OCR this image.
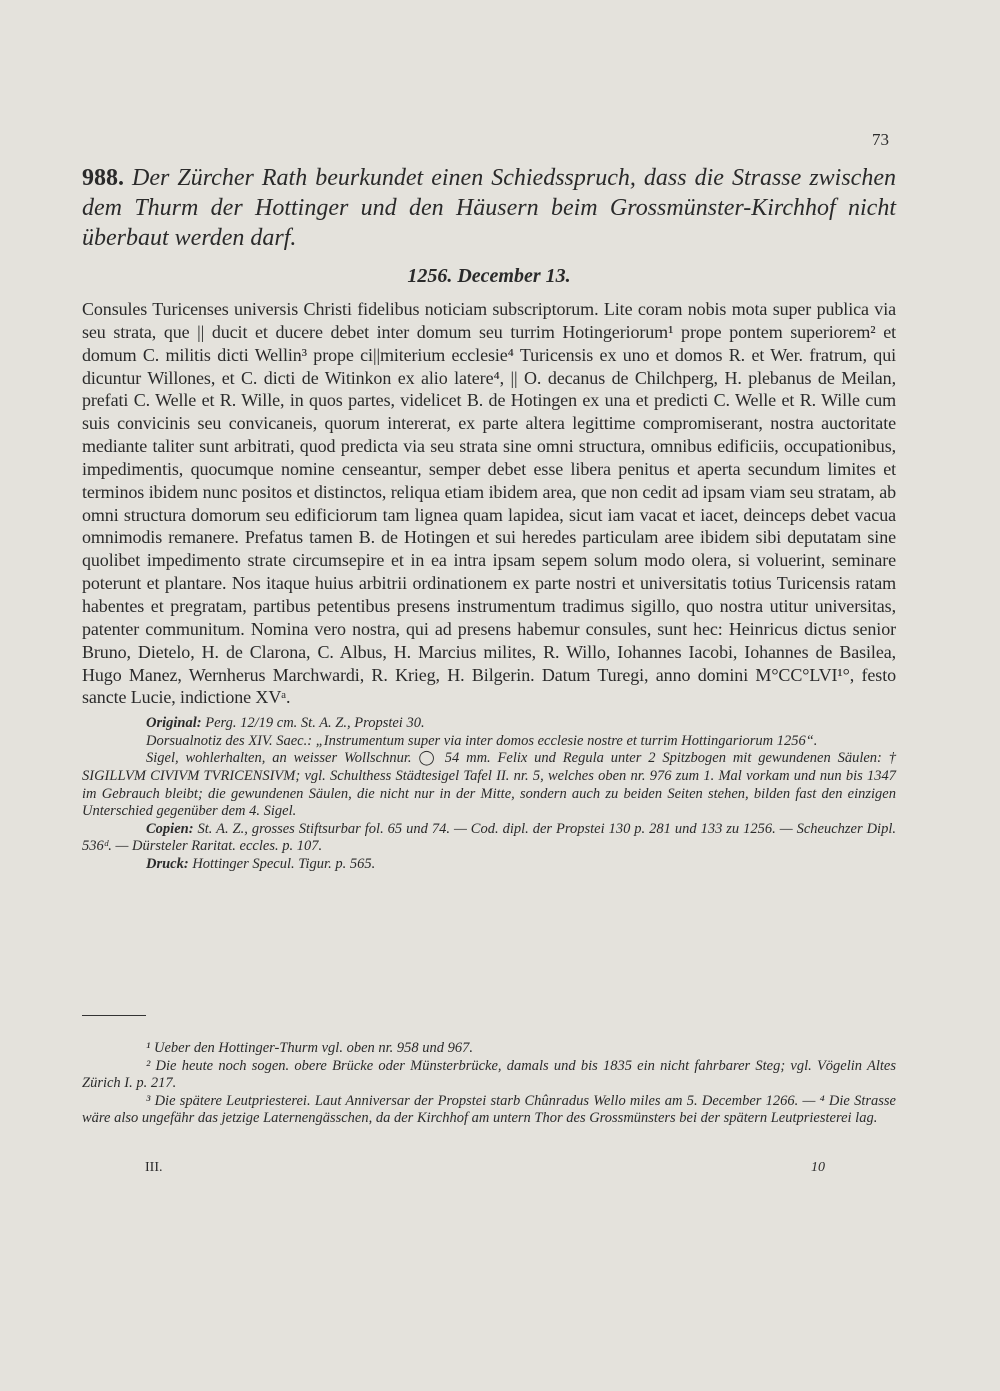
73

988. Der Zürcher Rath beurkundet einen Schiedsspruch, dass die Strasse zwischen dem Thurm der Hottinger und den Häusern beim Grossmünster-Kirchhof nicht überbaut werden darf.

1256. December 13.

Consules Turicenses universis Christi fidelibus noticiam subscriptorum. Lite coram nobis mota super publica via seu strata, que || ducit et ducere debet inter domum seu turrim Hotingeriorum¹ prope pontem superiorem² et domum C. militis dicti Wellin³ prope ci||miterium ecclesie⁴ Turicensis ex uno et domos R. et Wer. fratrum, qui dicuntur Willones, et C. dicti de Witinkon ex alio latere⁴, || O. decanus de Chilchperg, H. plebanus de Meilan, prefati C. Welle et R. Wille, in quos partes, videlicet B. de Hotingen ex una et predicti C. Welle et R. Wille cum suis convicinis seu convicaneis, quorum intererat, ex parte altera legittime compromiserant, nostra auctoritate mediante taliter sunt arbitrati, quod predicta via seu strata sine omni structura, omnibus edificiis, occupationibus, impedimentis, quocumque nomine censeantur, semper debet esse libera penitus et aperta secundum limites et terminos ibidem nunc positos et distinctos, reliqua etiam ibidem area, que non cedit ad ipsam viam seu stratam, ab omni structura domorum seu edificiorum tam lignea quam lapidea, sicut iam vacat et iacet, deinceps debet vacua omnimodis remanere. Prefatus tamen B. de Hotingen et sui heredes particulam aree ibidem sibi deputatam sine quolibet impedimento strate circumsepire et in ea intra ipsam sepem solum modo olera, si voluerint, seminare poterunt et plantare. Nos itaque huius arbitrii ordinationem ex parte nostri et universitatis totius Turicensis ratam habentes et pregratam, partibus petentibus presens instrumentum tradimus sigillo, quo nostra utitur universitas, patenter communitum. Nomina vero nostra, qui ad presens habemur consules, sunt hec: Heinricus dictus senior Bruno, Dietelo, H. de Clarona, C. Albus, H. Marcius milites, R. Willo, Iohannes Iacobi, Iohannes de Basilea, Hugo Manez, Wernherus Marchwardi, R. Krieg, H. Bilgerin. Datum Turegi, anno domini M°CC°LVI¹°, festo sancte Lucie, indictione XVᵃ.

Original: Perg. 12/19 cm. St. A. Z., Propstei 30.

Dorsualnotiz des XIV. Saec.: „Instrumentum super via inter domos ecclesie nostre et turrim Hottingariorum 1256“.

Sigel, wohlerhalten, an weisser Wollschnur. ◯ 54 mm. Felix und Regula unter 2 Spitzbogen mit gewundenen Säulen: † SIGILLVM CIVIVM TVRICENSIVM; vgl. Schulthess Städtesigel Tafel II. nr. 5, welches oben nr. 976 zum 1. Mal vorkam und nun bis 1347 im Gebrauch bleibt; die gewundenen Säulen, die nicht nur in der Mitte, sondern auch zu beiden Seiten stehen, bilden fast den einzigen Unterschied gegenüber dem 4. Sigel.

Copien: St. A. Z., grosses Stiftsurbar fol. 65 und 74. — Cod. dipl. der Propstei 130 p. 281 und 133 zu 1256. — Scheuchzer Dipl. 536ᵈ. — Dürsteler Raritat. eccles. p. 107.

Druck: Hottinger Specul. Tigur. p. 565.

¹ Ueber den Hottinger-Thurm vgl. oben nr. 958 und 967.

² Die heute noch sogen. obere Brücke oder Münsterbrücke, damals und bis 1835 ein nicht fahrbarer Steg; vgl. Vögelin Altes Zürich I. p. 217.

³ Die spätere Leutpriesterei. Laut Anniversar der Propstei starb Chûnradus Wello miles am 5. December 1266. — ⁴ Die Strasse wäre also ungefähr das jetzige Laternengässchen, da der Kirchhof am untern Thor des Grossmünsters bei der spätern Leutpriesterei lag.

III.	10
